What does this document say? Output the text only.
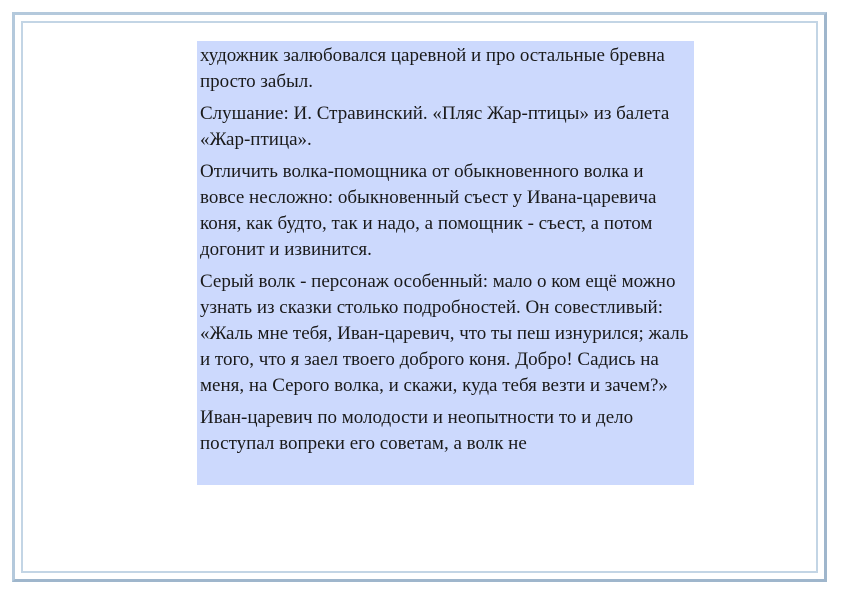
художник залюбовался царевной и про остальные бревна просто забыл.

Слушание: И. Стравинский. «Пляс Жар-птицы» из балета «Жар-птица».

Отличить волка-помощника от обыкновенного волка и вовсе несложно: обыкновенный съест у Ивана-царевича коня, как будто, так и надо, а помощник - съест, а потом догонит и извинится.

Серый волк - персонаж особенный: мало о ком ещё можно узнать из сказки столько подробностей. Он совестливый: «Жаль мне тебя, Иван-царевич, что ты пеш изнурился; жаль и того, что я заел твоего доброго коня. Добро! Садись на меня, на Серого волка, и скажи, куда тебя везти и зачем?»

Иван-царевич по молодости и неопытности то и дело поступал вопреки его советам, а волк не
